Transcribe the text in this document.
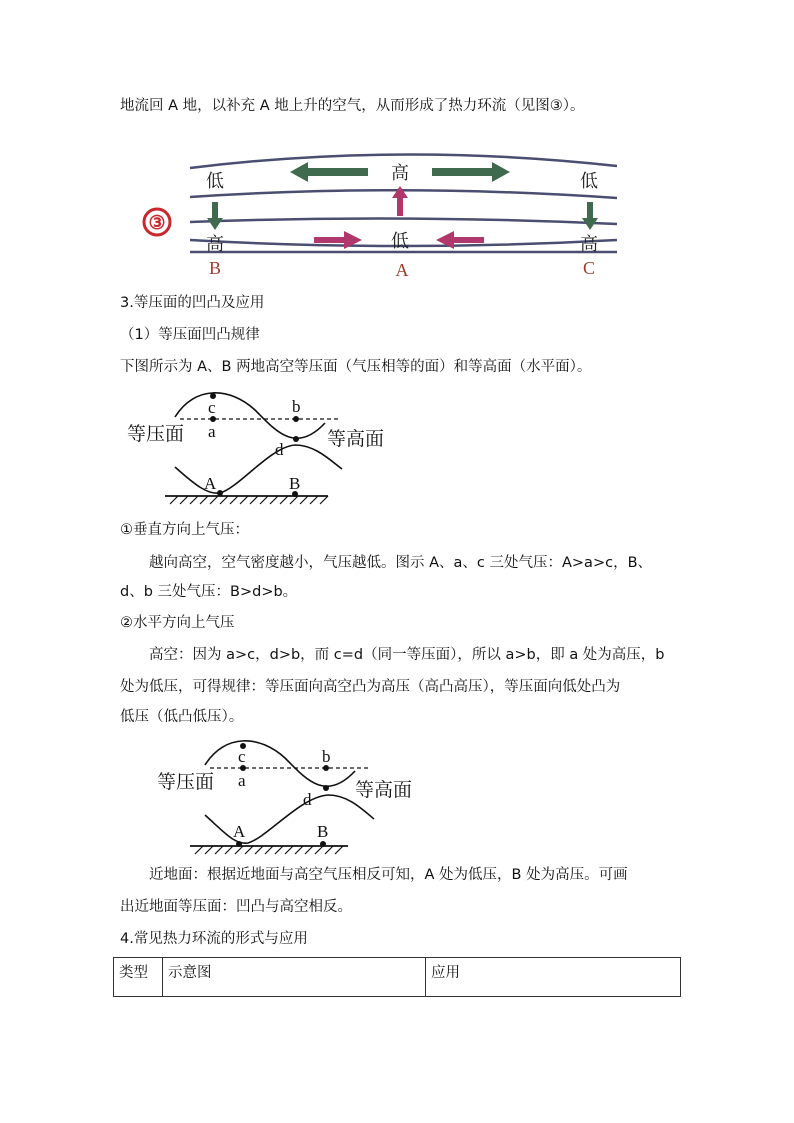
地流回 A 地，以补充 A 地上升的空气，从而形成了热力环流（见图③）。
③
低	高	低
高	低	高
B	A	C
3.等压面的凹凸及应用
（1）等压面凹凸规律
下图所示为 A、B 两地高空等压面（气压相等的面）和等高面（水平面）。
等压面	等高面
c	b
a
d
A	B
①垂直方向上气压：
越向高空，空气密度越小，气压越低。图示 A、a、c 三处气压：A>a>c，B、
d、b 三处气压：B>d>b。
②水平方向上气压
高空：因为 a>c，d>b，而 c=d（同一等压面），所以 a>b，即 a 处为高压，b
处为低压，可得规律：等压面向高空凸为高压（高凸高压），等压面向低处凸为
低压（低凸低压）。
等压面	等高面
c	b
a
d
A	B
近地面：根据近地面与高空气压相反可知，A 处为低压，B 处为高压。可画
出近地面等压面：凹凸与高空相反。
4.常见热力环流的形式与应用
类型	示意图	应用
